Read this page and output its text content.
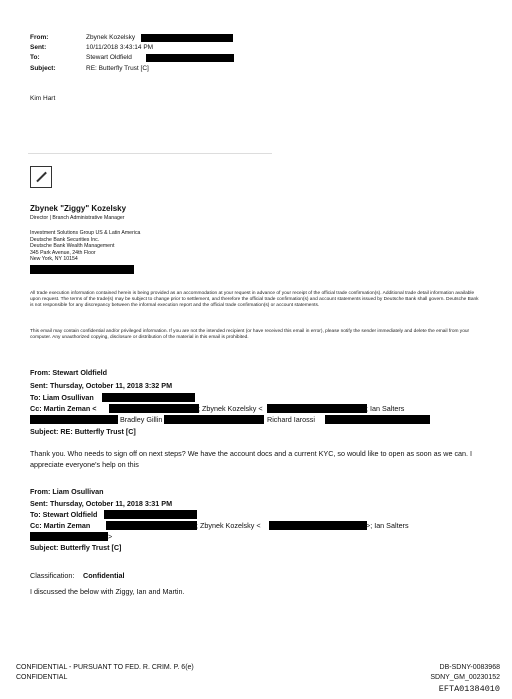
From:	Zbynek Kozelsky
Sent:	10/11/2018 3:43:14 PM
To:	Stewart Oldfield
Subject:	RE: Butterfly Trust [C]
Kim Hart
Zbynek "Ziggy" Kozelsky
Director | Branch Administrative Manager
Investment Solutions Group US & Latin America
Deutsche Bank Securities Inc.
Deutsche Bank Wealth Management
345 Park Avenue, 24th Floor
New York, NY 10154
All trade execution information contained herein is being provided as an accommodation at your request in advance of your receipt of the official trade confirmation(s). Additional trade detail information available upon request. The terms of the trade(s) may be subject to change prior to settlement, and therefore the official trade confirmation(s) and account statements issued by Deutsche Bank shall govern. Deutsche Bank is not responsible for any discrepancy between the informal execution report and the official trade confirmation(s) or account statements.
This email may contain confidential and/or privileged information. If you are not the intended recipient (or have received this email in error), please notify the sender immediately and delete the email from your computer. Any unauthorized copying, disclosure or distribution of the material in this email is prohibited.
From: Stewart Oldfield
Sent: Thursday, October 11, 2018 3:32 PM
To: Liam Osullivan
Cc: Martin Zeman <	; Zbynek Kozelsky <	; Ian Salters
; Bradley Gillin	Richard Iarossi
Subject: RE: Butterfly Trust [C]
Thank you. Who needs to sign off on next steps? We have the account docs and a current KYC, so would like to open as soon as we can. I appreciate everyone's help on this
From: Liam Osullivan
Sent: Thursday, October 11, 2018 3:31 PM
To: Stewart Oldfield
Cc: Martin Zeman	; Zbynek Kozelsky <	>; Ian Salters
>
Subject: Butterfly Trust [C]
Classification: Confidential
I discussed the below with Ziggy, Ian and Martin.
CONFIDENTIAL - PURSUANT TO FED. R. CRIM. P. 6(e)
CONFIDENTIAL
DB-SDNY-0083968
SDNY_GM_00230152
EFTA01384010
